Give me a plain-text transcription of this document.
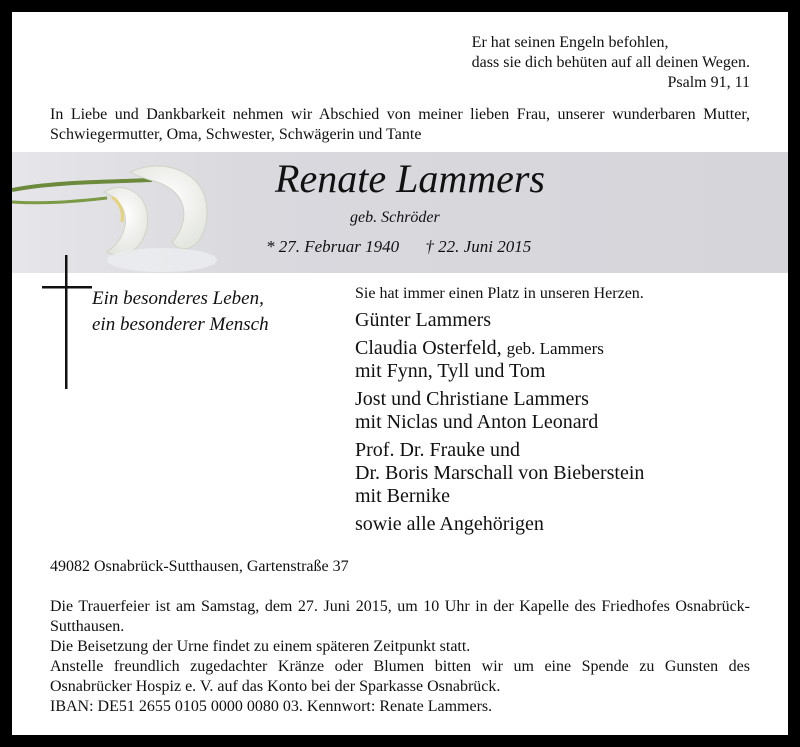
Er hat seinen Engeln befohlen,
dass sie dich behüten auf all deinen Wegen.
Psalm 91, 11
In Liebe und Dankbarkeit nehmen wir Abschied von meiner lieben Frau, unserer wunderbaren Mutter, Schwiegermutter, Oma, Schwester, Schwägerin und Tante
Renate Lammers
geb. Schröder
* 27. Februar 1940 † 22. Juni 2015
Ein besonderes Leben,
ein besonderer Mensch
Sie hat immer einen Platz in unseren Herzen.
Günter Lammers
Claudia Osterfeld, geb. Lammers
mit Fynn, Tyll und Tom
Jost und Christiane Lammers
mit Niclas und Anton Leonard
Prof. Dr. Frauke und
Dr. Boris Marschall von Bieberstein
mit Bernike
sowie alle Angehörigen
49082 Osnabrück-Sutthausen, Gartenstraße 37

Die Trauerfeier ist am Samstag, dem 27. Juni 2015, um 10 Uhr in der Kapelle des Friedhofes Osnabrück-Sutthausen.

Die Beisetzung der Urne findet zu einem späteren Zeitpunkt statt.

Anstelle freundlich zugedachter Kränze oder Blumen bitten wir um eine Spende zu Gunsten des Osnabrücker Hospiz e. V. auf das Konto bei der Sparkasse Osnabrück.

IBAN: DE51 2655 0105 0000 0080 03. Kennwort: Renate Lammers.
